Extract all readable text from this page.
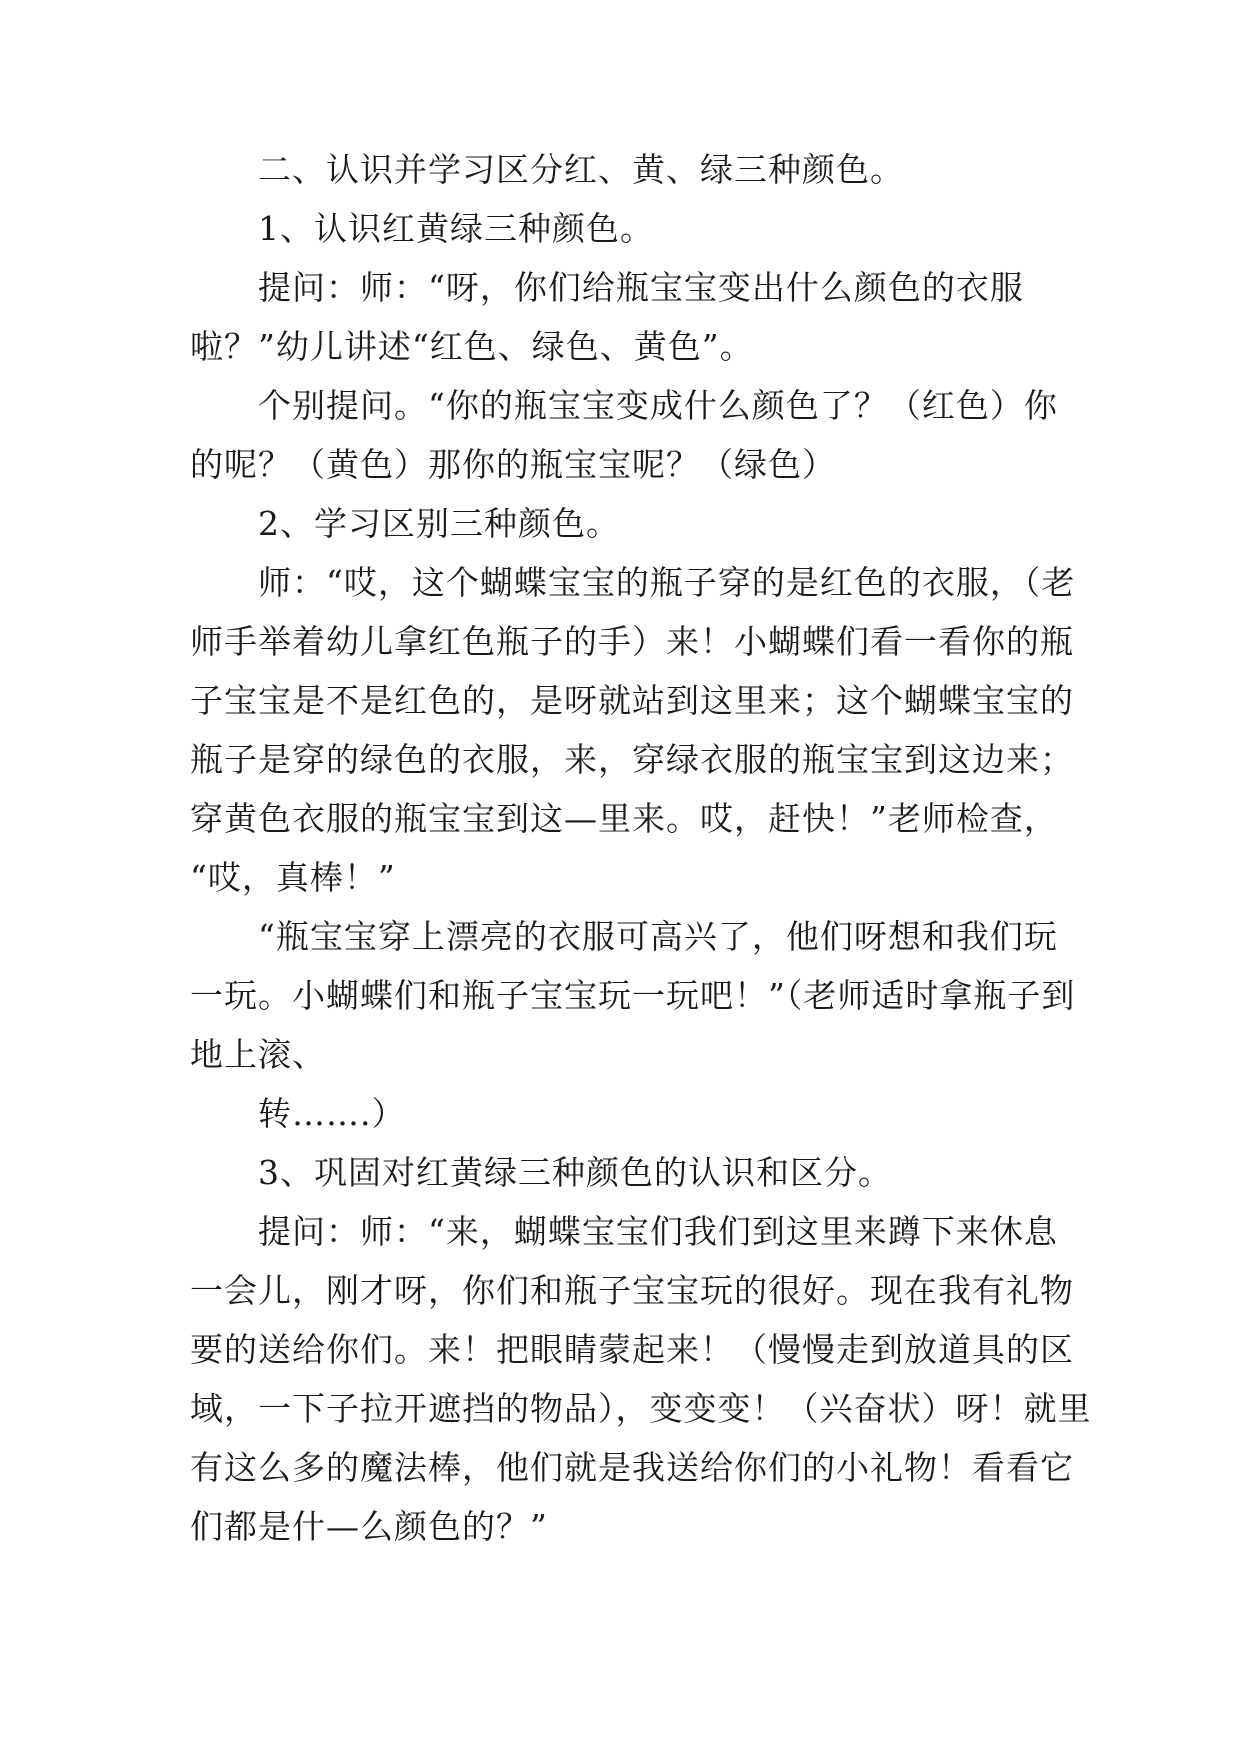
二、认识并学习区分红、黄、绿三种颜色。
1、认识红黄绿三种颜色。
提问：师：“呀，你们给瓶宝宝变出什么颜色的衣服
啦？”幼儿讲述“红色、绿色、黄色”。
个别提问。“你的瓶宝宝变成什么颜色了？（红色）你
的呢？（黄色）那你的瓶宝宝呢？（绿色）
2、学习区别三种颜色。
师：“哎，这个蝴蝶宝宝的瓶子穿的是红色的衣服，（老
师手举着幼儿拿红色瓶子的手）来！小蝴蝶们看一看你的瓶
子宝宝是不是红色的，是呀就站到这里来；这个蝴蝶宝宝的
瓶子是穿的绿色的衣服，来，穿绿衣服的瓶宝宝到这边来；
穿黄色衣服的瓶宝宝到这—里来。哎，赶快！”老师检查，
“哎，真棒！”
“瓶宝宝穿上漂亮的衣服可高兴了，他们呀想和我们玩
一玩。小蝴蝶们和瓶子宝宝玩一玩吧！”（老师适时拿瓶子到
地上滚、
转…….）
3、巩固对红黄绿三种颜色的认识和区分。
提问：师：“来，蝴蝶宝宝们我们到这里来蹲下来休息
一会儿，刚才呀，你们和瓶子宝宝玩的很好。现在我有礼物
要的送给你们。来！把眼睛蒙起来！（慢慢走到放道具的区
域，一下子拉开遮挡的物品），变变变！（兴奋状）呀！就里
有这么多的魔法棒，他们就是我送给你们的小礼物！看看它
们都是什—么颜色的？”
